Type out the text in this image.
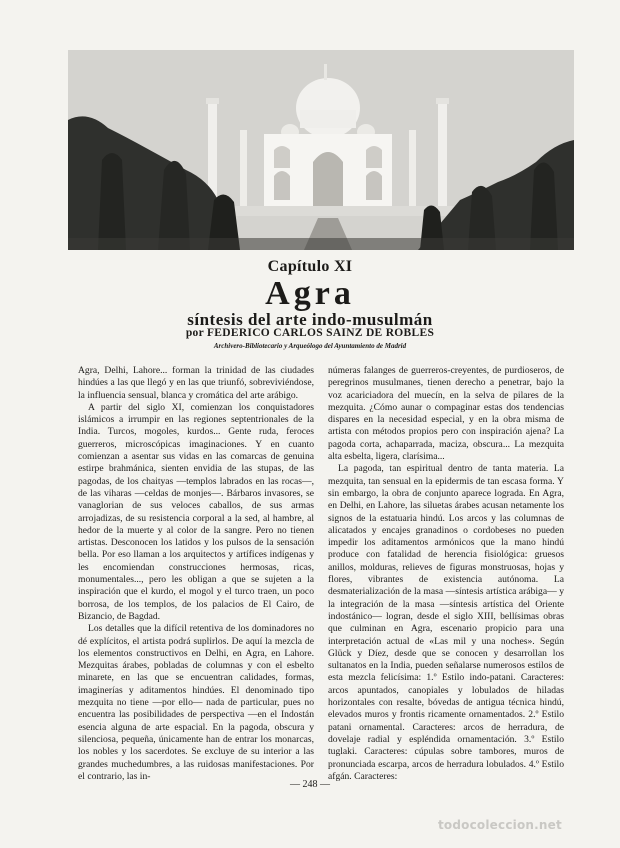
Capítulo XI
Agra
síntesis del arte indo-musulmán
por FEDERICO CARLOS SAINZ DE ROBLES
Archivero-Bibliotecario y Arqueólogo del Ayuntamiento de Madrid

Agra, Delhi, Lahore... forman la trinidad de las ciudades hindúes a las que llegó y en las que triunfó, sobreviviéndose, la influencia sensual, blanca y cromática del arte arábigo.

A partir del siglo XI, comienzan los conquistadores islámicos a irrumpir en las regiones septentrionales de la India. Turcos, mogoles, kurdos... Gente ruda, feroces guerreros, microscópicas imaginaciones. Y en cuanto comienzan a asentar sus vidas en las comarcas de genuina estirpe brahmánica, sienten envidia de las stupas, de las pagodas, de los chaityas —templos labrados en las rocas—, de las viharas —celdas de monjes—. Bárbaros invasores, se vanaglorian de sus veloces caballos, de sus armas arrojadizas, de su resistencia corporal a la sed, al hambre, al hedor de la muerte y al color de la sangre. Pero no tienen artistas. Desconocen los latidos y los pulsos de la sensación bella. Por eso llaman a los arquitectos y artífices indígenas y les encomiendan construcciones hermosas, ricas, monumentales..., pero les obligan a que se sujeten a la inspiración que el kurdo, el mogol y el turco traen, un poco borrosa, de los templos, de los palacios de El Cairo, de Bizancio, de Bagdad.

Los detalles que la difícil retentiva de los dominadores no dé explícitos, el artista podrá suplirlos. De aquí la mezcla de los elementos constructivos en Delhi, en Agra, en Lahore. Mezquitas árabes, pobladas de columnas y con el esbelto minarete, en las que se encuentran calidades, formas, imaginerías y aditamentos hindúes. El denominado tipo mezquita no tiene —por ello— nada de particular, pues no encuentra las posibilidades de perspectiva —en el Indostán esencia alguna de arte espacial. En la pagoda, obscura y silenciosa, pequeña, únicamente han de entrar los monarcas, los nobles y los sacerdotes. Se excluye de su interior a las grandes muchedumbres, a las ruidosas manifestaciones. Por el contrario, las in-

númeras falanges de guerreros-creyentes, de purdioseros, de peregrinos musulmanes, tienen derecho a penetrar, bajo la voz acariciadora del muecín, en la selva de pilares de la mezquita. ¿Cómo aunar o compaginar estas dos tendencias dispares en la necesidad especial, y en la obra misma de artista con métodos propios pero con inspiración ajena? La pagoda corta, achaparrada, maciza, obscura... La mezquita alta esbelta, ligera, clarísima...

La pagoda, tan espiritual dentro de tanta materia. La mezquita, tan sensual en la epidermis de tan escasa forma. Y sin embargo, la obra de conjunto aparece lograda. En Agra, en Delhi, en Lahore, las siluetas árabes acusan netamente los signos de la estatuaria hindú. Los arcos y las columnas de alicatados y encajes granadinos o cordobeses no pueden impedir los aditamentos armónicos que la mano hindú produce con fatalidad de herencia fisiológica: gruesos anillos, molduras, relieves de figuras monstruosas, hojas y flores, vibrantes de existencia autónoma. La desmaterialización de la masa —síntesis artística arábiga— y la integración de la masa —síntesis artística del Oriente indostánico— logran, desde el siglo XIII, bellísimas obras que culminan en Agra, escenario propicio para una interpretación actual de «Las mil y una noches». Según Glück y Díez, desde que se conocen y desarrollan los sultanatos en la India, pueden señalarse numerosos estilos de esta mezcla felicísima: 1.º Estilo indo-patani. Caracteres: arcos apuntados, canopiales y lobulados de hiladas horizontales con resalte, bóvedas de antigua técnica hindú, elevados muros y frontis ricamente ornamentados. 2.º Estilo patani ornamental. Caracteres: arcos de herradura, de dovelaje radial y espléndida ornamentación. 3.º Estilo tuglaki. Caracteres: cúpulas sobre tambores, muros de pronunciada escarpa, arcos de herradura lobulados. 4.º Estilo afgán. Caracteres:

— 248 —
todocoleccion.net
